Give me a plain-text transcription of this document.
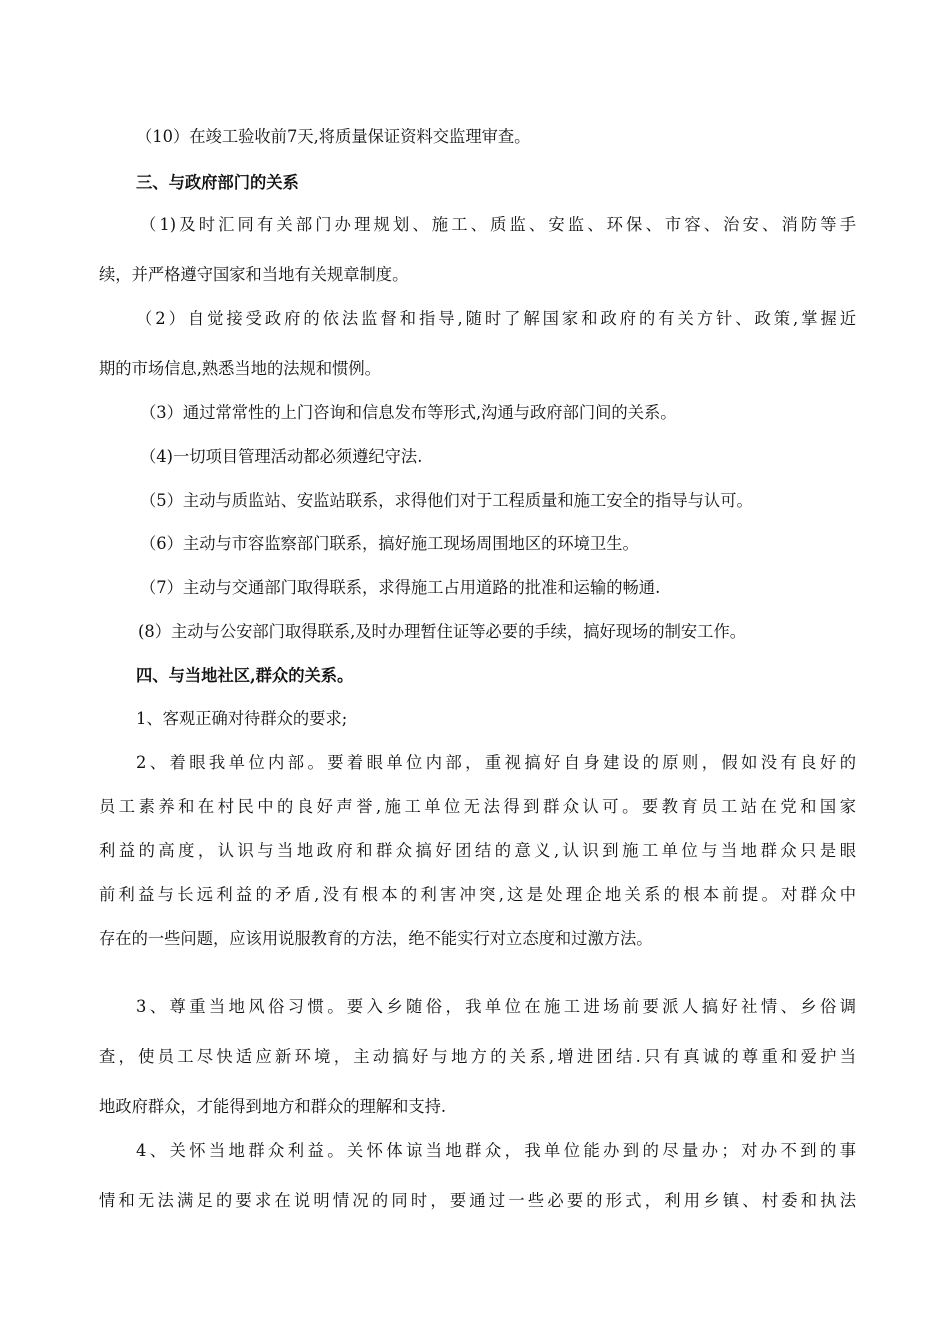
（10）在竣工验收前7天,将质量保证资料交监理审查。
三、与政府部门的关系
（1)及时汇同有关部门办理规划、施工、质监、安监、环保、市容、治安、消防等手
续，并严格遵守国家和当地有关规章制度。
（2）自觉接受政府的依法监督和指导,随时了解国家和政府的有关方针、政策,掌握近
期的市场信息,熟悉当地的法规和惯例。
（3）通过常常性的上门咨询和信息发布等形式,沟通与政府部门间的关系。
（4)一切项目管理活动都必须遵纪守法.
（5）主动与质监站、安监站联系，求得他们对于工程质量和施工安全的指导与认可。
（6）主动与市容监察部门联系，搞好施工现场周围地区的环境卫生。
（7）主动与交通部门取得联系，求得施工占用道路的批准和运输的畅通.
(8）主动与公安部门取得联系,及时办理暂住证等必要的手续，搞好现场的制安工作。
四、与当地社区,群众的关系。
1、客观正确对待群众的要求;
2、着眼我单位内部。要着眼单位内部，重视搞好自身建设的原则，假如没有良好的
员工素养和在村民中的良好声誉,施工单位无法得到群众认可。要教育员工站在党和国家
利益的高度，认识与当地政府和群众搞好团结的意义,认识到施工单位与当地群众只是眼
前利益与长远利益的矛盾,没有根本的利害冲突,这是处理企地关系的根本前提。对群众中
存在的一些问题，应该用说服教育的方法，绝不能实行对立态度和过激方法。
3、尊重当地风俗习惯。要入乡随俗，我单位在施工进场前要派人搞好社情、乡俗调
查，使员工尽快适应新环境，主动搞好与地方的关系,增进团结.只有真诚的尊重和爱护当
地政府群众，才能得到地方和群众的理解和支持.
4、关怀当地群众利益。关怀体谅当地群众，我单位能办到的尽量办；对办不到的事
情和无法满足的要求在说明情况的同时，要通过一些必要的形式，利用乡镇、村委和执法
